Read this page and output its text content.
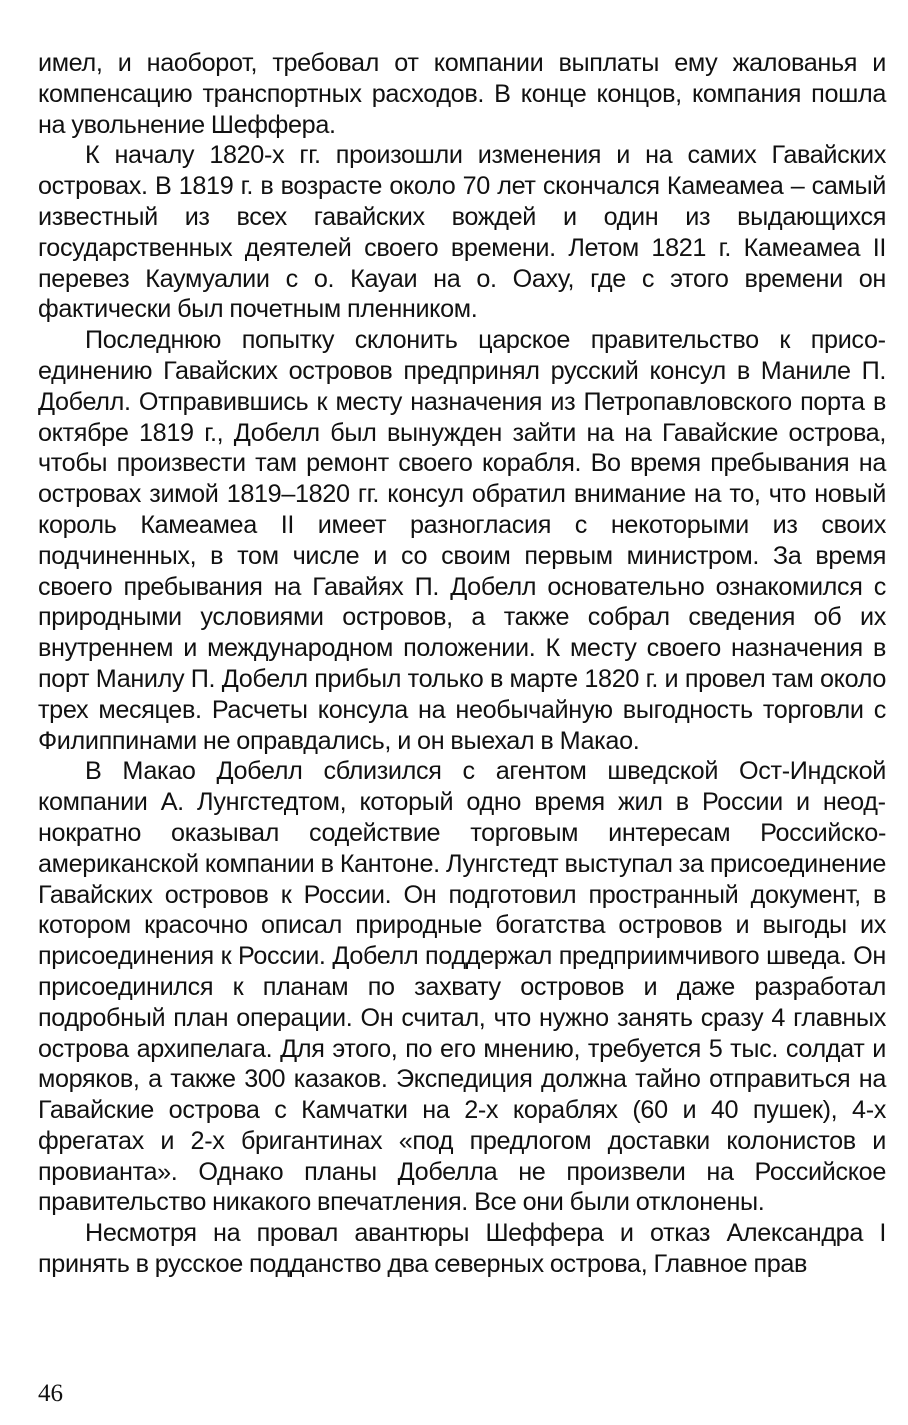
имел, и наоборот, требовал от компании выплаты ему жалованья и компенсацию транспортных расходов. В конце концов, компания пошла на увольнение Шеффера.

К началу 1820-х гг. произошли изменения и на самих Гавайских островах. В 1819 г. в возрасте около 70 лет скончался Камеамеа – самый известный из всех гавайских вождей и один из выдающихся государственных деятелей своего времени. Летом 1821 г. Камеамеа II перевез Каумуалии с о. Кауаи на о. Оаху, где с этого времени он фактически был почетным пленником.

Последнюю попытку склонить царское правительство к присоединению Гавайских островов предпринял русский консул в Маниле П. Добелл. Отправившись к месту назначения из Петропавловского порта в октябре 1819 г., Добелл был вынужден зайти на на Гавайские острова, чтобы произвести там ремонт своего корабля. Во время пребывания на островах зимой 1819–1820 гг. консул обратил внимание на то, что новый король Камеамеа II имеет разногласия с некоторыми из своих подчиненных, в том числе и со своим первым министром. За время своего пребывания на Гавайях П. Добелл основательно ознакомился с природными условиями островов, а также собрал сведения об их внутреннем и международном положении. К месту своего назначения в порт Манилу П. Добелл прибыл только в марте 1820 г. и провел там около трех месяцев. Расчеты консула на необычайную выгодность торговли с Филиппинами не оправдались, и он выехал в Макао.

В Макао Добелл сблизился с агентом шведской Ост-Индской компании А. Лунгстедтом, который одно время жил в России и неоднократно оказывал содействие торговым интересам Российско-американской компании в Кантоне. Лунгстедт выступал за присоединение Гавайских островов к России. Он подготовил пространный документ, в котором красочно описал природные богатства островов и выгоды их присоединения к России. Добелл поддержал предприимчивого шведа. Он присоединился к планам по захвату островов и даже разработал подробный план операции. Он считал, что нужно занять сразу 4 главных острова архипелага. Для этого, по его мнению, требуется 5 тыс. солдат и моряков, а также 300 казаков. Экспедиция должна тайно отправиться на Гавайские острова с Камчатки на 2-х кораблях (60 и 40 пушек), 4-х фрегатах и 2-х бригантинах «под предлогом доставки колонистов и провианта». Однако планы Добелла не произвели на Российское правительство никакого впечатления. Все они были отклонены.

Несмотря на провал авантюры Шеффера и отказ Александра I принять в русское подданство два северных острова, Главное прав

46
